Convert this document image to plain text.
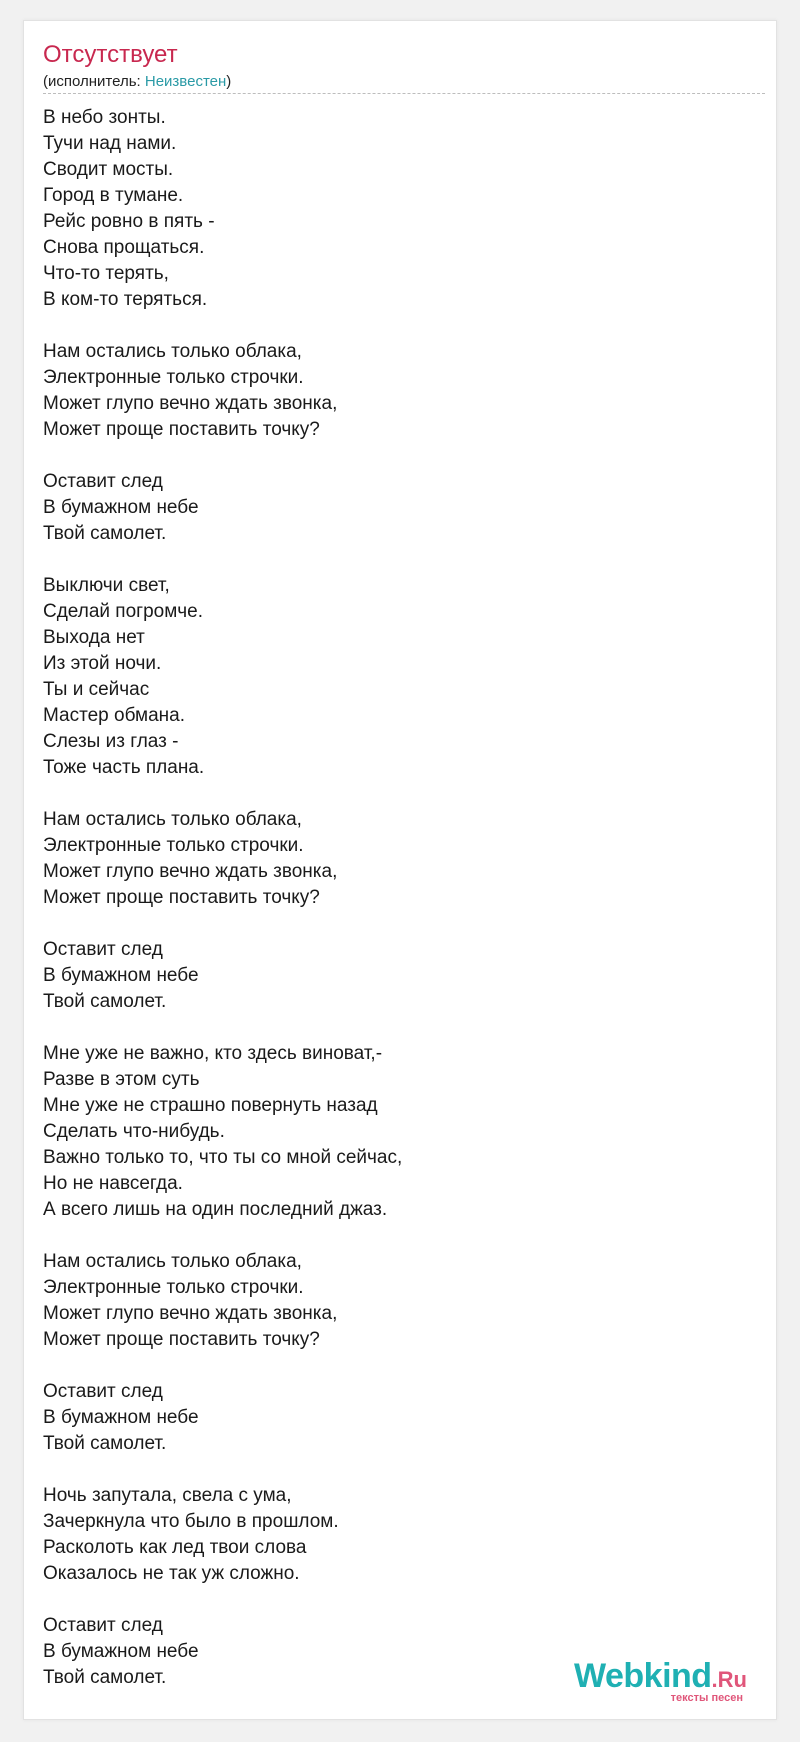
Отсутствует
(исполнитель: Неизвестен)
В небо зонты.
Тучи над нами.
Сводит мосты.
Город в тумане.
Рейс ровно в пять -
Снова прощаться.
Что-то терять,
В ком-то теряться.
Нам остались только облака,
Электронные только строчки.
Может глупо вечно ждать звонка,
Может проще поставить точку?
Оставит след
В бумажном небе
Твой самолет.
Выключи свет,
Сделай погромче.
Выхода нет
Из этой ночи.
Ты и сейчас
Мастер обмана.
Слезы из глаз -
Тоже часть плана.
Нам остались только облака,
Электронные только строчки.
Может глупо вечно ждать звонка,
Может проще поставить точку?
Оставит след
В бумажном небе
Твой самолет.
Мне уже не важно, кто здесь виноват,-
Разве в этом суть
Мне уже не страшно повернуть назад
Сделать что-нибудь.
Важно только то, что ты со мной сейчас,
Но не навсегда.
А всего лишь на один последний джаз.
Нам остались только облака,
Электронные только строчки.
Может глупо вечно ждать звонка,
Может проще поставить точку?
Оставит след
В бумажном небе
Твой самолет.
Ночь запутала, свела с ума,
Зачеркнула что было в прошлом.
Расколоть как лед твои слова
Оказалось не так уж сложно.
Оставит след
В бумажном небе
Твой самолет.	Webkind.Ru
тексты песен
